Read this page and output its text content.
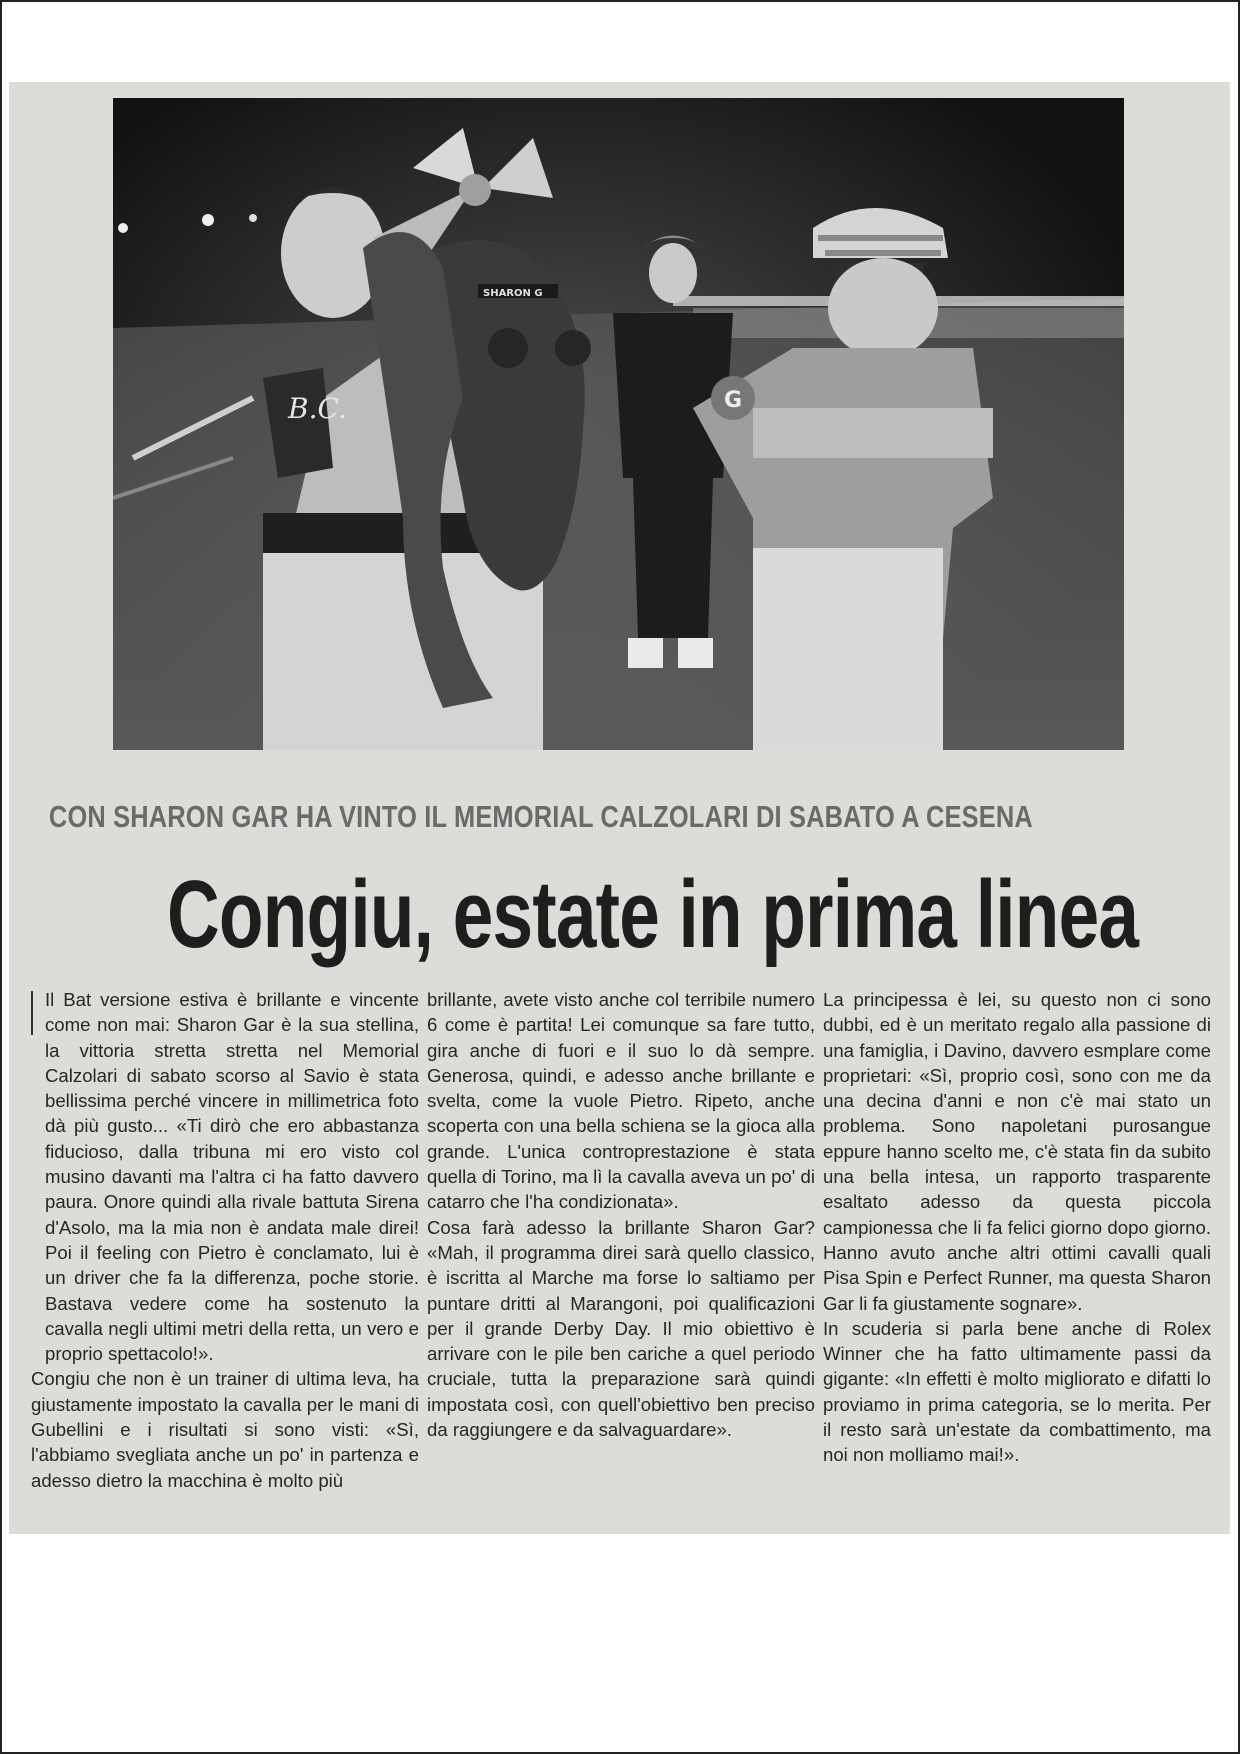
B.C.
SHARON G
G
CON SHARON GAR HA VINTO IL MEMORIAL CALZOLARI DI SABATO A CESENA
Congiu, estate in prima linea

Il Bat versione estiva è brillante e vincente come non mai: Sharon Gar è la sua stellina, la vittoria stretta stretta nel Memorial Calzolari di sabato scorso al Savio è stata bellissima perché vincere in millimetrica foto dà più gusto... «Ti dirò che ero abbastanza fiducioso, dalla tribuna mi ero visto col musino davanti ma l'altra ci ha fatto davvero paura. Onore quindi alla rivale battuta Sirena d'Asolo, ma la mia non è andata male direi! Poi il feeling con Pietro è conclamato, lui è un driver che fa la differenza, poche storie. Bastava vedere come ha sostenuto la cavalla negli ultimi metri della retta, un vero e proprio spettacolo!».

Congiu che non è un trainer di ultima leva, ha giustamente impostato la cavalla per le mani di Gubellini e i risultati si sono visti: «Sì, l'abbiamo svegliata anche un po' in partenza e adesso dietro la macchina è molto più

brillante, avete visto anche col terribile numero 6 come è partita! Lei comunque sa fare tutto, gira anche di fuori e il suo lo dà sempre. Generosa, quindi, e adesso anche brillante e svelta, come la vuole Pietro. Ripeto, anche scoperta con una bella schiena se la gioca alla grande. L'unica controprestazione è stata quella di Torino, ma lì la cavalla aveva un po' di catarro che l'ha condizionata».

Cosa farà adesso la brillante Sharon Gar? «Mah, il programma direi sarà quello classico, è iscritta al Marche ma forse lo saltiamo per puntare dritti al Marangoni, poi qualificazioni per il grande Derby Day. Il mio obiettivo è arrivare con le pile ben cariche a quel periodo cruciale, tutta la preparazione sarà quindi impostata così, con quell'obiettivo ben preciso da raggiungere e da salvaguardare».

La principessa è lei, su questo non ci sono dubbi, ed è un meritato regalo alla passione di una famiglia, i Davino, davvero esmplare come proprietari: «Sì, proprio così, sono con me da una decina d'anni e non c'è mai stato un problema. Sono napoletani purosangue eppure hanno scelto me, c'è stata fin da subito una bella intesa, un rapporto trasparente esaltato adesso da questa piccola campionessa che li fa felici giorno dopo giorno. Hanno avuto anche altri ottimi cavalli quali Pisa Spin e Perfect Runner, ma questa Sharon Gar li fa giustamente sognare».

In scuderia si parla bene anche di Rolex Winner che ha fatto ultimamente passi da gigante: «In effetti è molto migliorato e difatti lo proviamo in prima categoria, se lo merita. Per il resto sarà un'estate da combattimento, ma noi non molliamo mai!».
